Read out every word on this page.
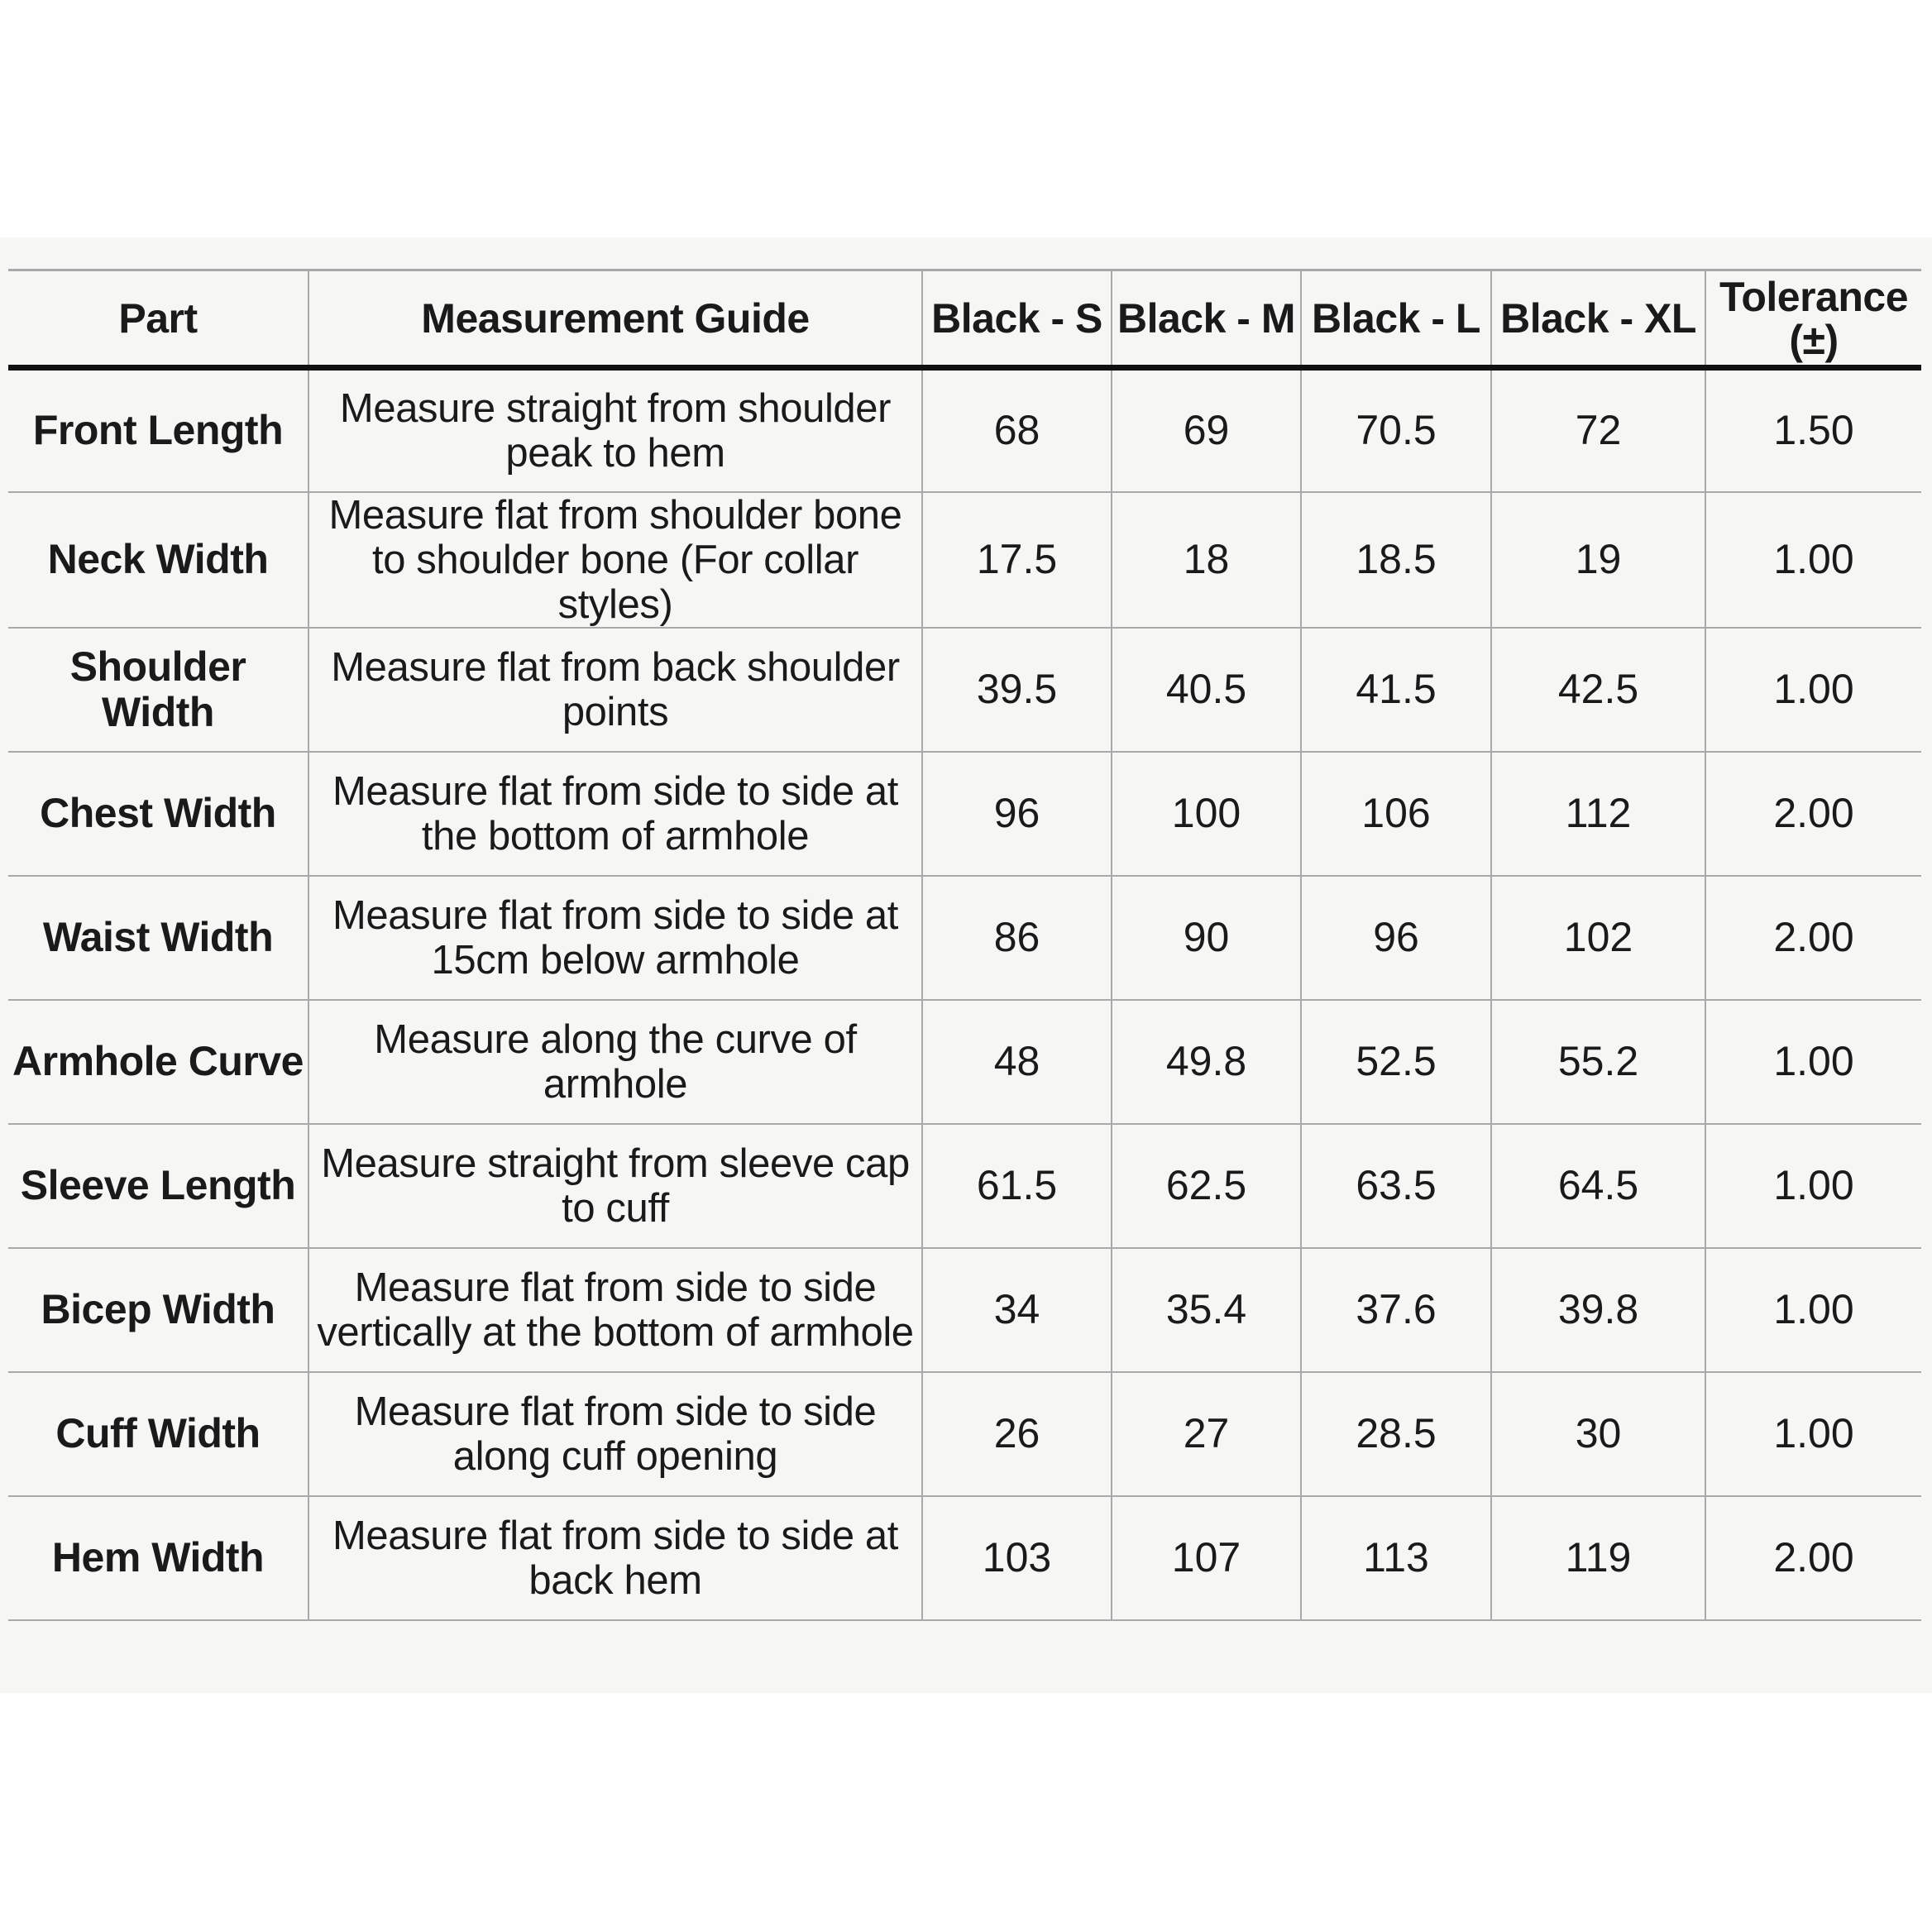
Part	Measurement Guide	Black - S	Black - M	Black - L	Black - XL	Tolerance (±)
Front Length	Measure straight from shoulder peak to hem	68	69	70.5	72	1.50
Neck Width	Measure flat from shoulder bone to shoulder bone (For collar styles)	17.5	18	18.5	19	1.00
Shoulder Width	Measure flat from back shoulder points	39.5	40.5	41.5	42.5	1.00
Chest Width	Measure flat from side to side at the bottom of armhole	96	100	106	112	2.00
Waist Width	Measure flat from side to side at 15cm below armhole	86	90	96	102	2.00
Armhole Curve	Measure along the curve of armhole	48	49.8	52.5	55.2	1.00
Sleeve Length	Measure straight from sleeve cap to cuff	61.5	62.5	63.5	64.5	1.00
Bicep Width	Measure flat from side to side vertically at the bottom of armhole	34	35.4	37.6	39.8	1.00
Cuff Width	Measure flat from side to side along cuff opening	26	27	28.5	30	1.00
Hem Width	Measure flat from side to side at back hem	103	107	113	119	2.00
